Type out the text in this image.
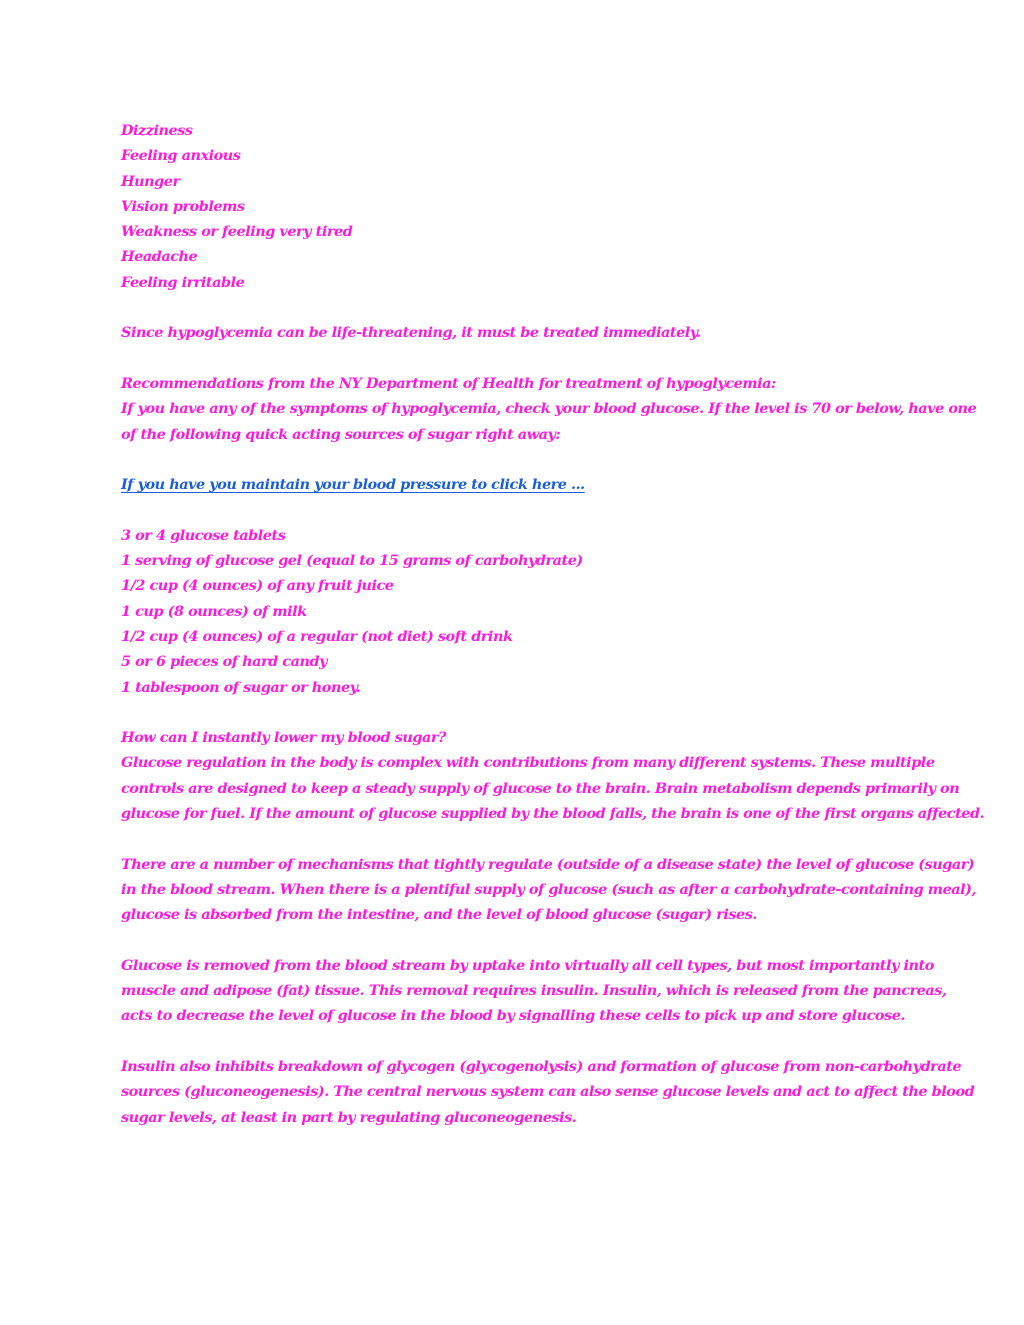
Dizziness
Feeling anxious
Hunger
Vision problems
Weakness or feeling very tired
Headache
Feeling irritable
Since hypoglycemia can be life-threatening, it must be treated immediately.
Recommendations from the NY Department of Health for treatment of hypoglycemia:
If you have any of the symptoms of hypoglycemia, check your blood glucose. If the level is 70 or below, have one
of the following quick acting sources of sugar right away:
If you have you maintain your blood pressure to click here ...
3 or 4 glucose tablets
1 serving of glucose gel (equal to 15 grams of carbohydrate)
1/2 cup (4 ounces) of any fruit juice
1 cup (8 ounces) of milk
1/2 cup (4 ounces) of a regular (not diet) soft drink
5 or 6 pieces of hard candy
1 tablespoon of sugar or honey.
How can I instantly lower my blood sugar?
Glucose regulation in the body is complex with contributions from many different systems. These multiple
controls are designed to keep a steady supply of glucose to the brain. Brain metabolism depends primarily on
glucose for fuel. If the amount of glucose supplied by the blood falls, the brain is one of the first organs affected.
There are a number of mechanisms that tightly regulate (outside of a disease state) the level of glucose (sugar)
in the blood stream. When there is a plentiful supply of glucose (such as after a carbohydrate-containing meal),
glucose is absorbed from the intestine, and the level of blood glucose (sugar) rises.
Glucose is removed from the blood stream by uptake into virtually all cell types, but most importantly into
muscle and adipose (fat) tissue. This removal requires insulin. Insulin, which is released from the pancreas,
acts to decrease the level of glucose in the blood by signalling these cells to pick up and store glucose.
Insulin also inhibits breakdown of glycogen (glycogenolysis) and formation of glucose from non-carbohydrate
sources (gluconeogenesis). The central nervous system can also sense glucose levels and act to affect the blood
sugar levels, at least in part by regulating gluconeogenesis.
